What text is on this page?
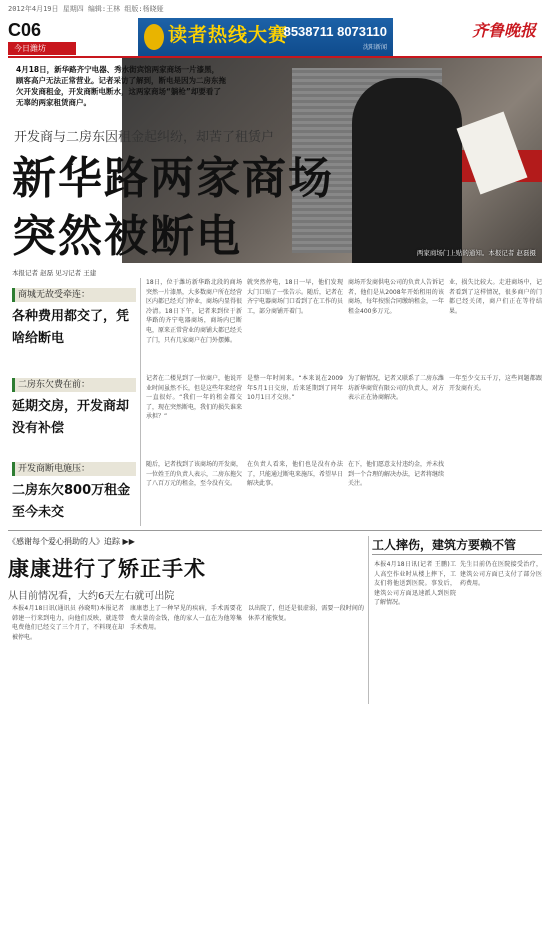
2012年4月19日 星期四 编辑:王林 组版:杨晓娅
C06
今日潍坊
读者热线大赛
8538711 8073110
沈阳新闻
齐鲁晚报
两家商场门上贴的通知。本报记者 赵磊摄
4月18日，新华路齐宁电器、秀水街宾馆两家商场一片漆黑，顾客高户无法正常营业。记者采访了解到，断电是因为二房东拖欠开发商租金，开发商断电断水，这两家商场“躺枪”却要看了无辜的两家租赁商户。
开发商与二房东因租金起纠纷，却苦了租赁户
新华路两家商场
突然被断电
本报记者 赵磊 见习记者 王建
商城无故受牵连：
各种费用都交了，凭啥给断电
二房东欠费在前：
延期交房，开发商却没有补偿
开发商断电施压：
二房东欠800万租金至今未交
18日，位于潍坊新华路北段的商场突然一片漆黑，大多数商户所在经营区内都已经关门停业，商场内显得很冷清。18日下午，记者来到位于新华路的齐宁电器商场，商场内已断电，原来正常营业的商铺大都已经关了门，只有几家商户在门外摆摊。
就突然停电，18日一早，他们发现大门口贴了一张告示。随后，记者在齐宁电器商场门口看到了在工作的员工，部分商铺开着门。
商场开发商供电公司的负责人告诉记者，他们是从2008年开始租用的该商场，每年按照合同缴纳租金，一年租金400多万元。
业，损失比较大。走进商场中，记者看到了这样情况，很多商户的门都已经关闭，商户们正在等待结果。
记者在二楼见到了一位商户，他说开业时间虽然不长，但是这些年来经营一直很好。“我们一年的租金都交了，现在突然断电，我们的损失谁来承担？”
是整一年时间来。“本来说在2009年5月1日交房，后来延期到了同年10月1日才交房。”
为了解情况，记者又联系了二房东潍坊新华商贸有限公司的负责人，对方表示正在协商解决。
一年至少交五千万，这些问题都跟开发商有关。
随后，记者找到了该商场的开发商，一位姓王的负责人表示，二房东拖欠了八百万元的租金，至今没有交。
在负责人看来，他们也是没有办法了，只能通过断电来施压，希望早日解决此事。
在下，他们愿意支付违约金，并未找到一个合理的解决办法，记者将继续关注。
《感谢每个爱心捐助的人》追踪 ▶▶
康康进行了矫正手术
从目前情况看，大约6天左右就可出院
本报4月18日讯(通讯员 孙晓明)本报记者韩建一行来到电力，向他们反映，就连带电费他们已经交了三个月了，不料现在却被停电。
康康患上了一种罕见的疾病，手术需要花费大量的金钱，他的家人一直在为他筹集手术费用。
以出院了，但还是很虚弱，需要一段时间的休养才能恢复。
工人摔伤，建筑方要赖不管
本报4月18日讯(记者 王鹏)工人高空作业时从楼上摔下，工友们将他送到医院。事发后，建筑公司方面迅速派人到医院了解情况。
先生目前仍在医院接受治疗，建筑公司方面已支付了部分医药费用。
